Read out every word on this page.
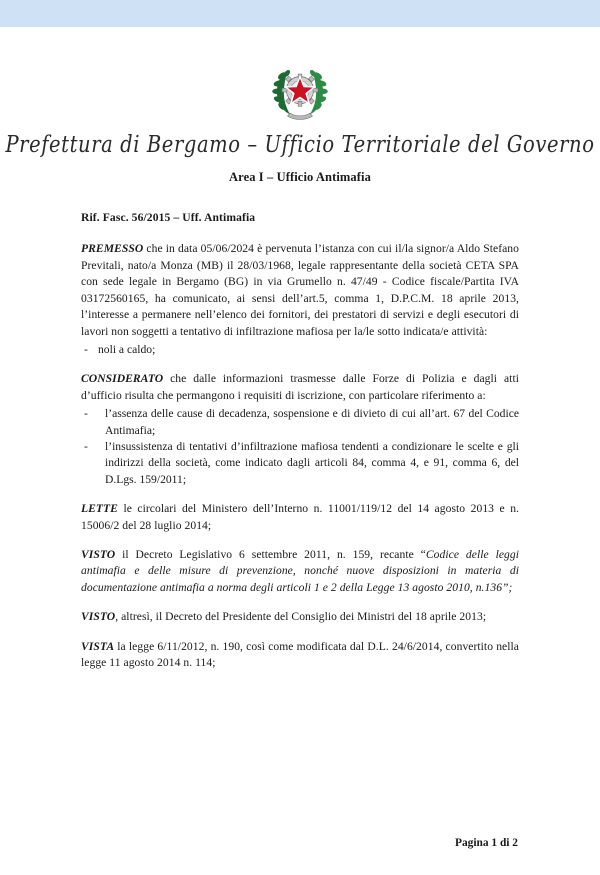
Prefettura di Bergamo – Ufficio Territoriale del Governo
Area I – Ufficio Antimafia
Rif. Fasc. 56/2015 – Uff. Antimafia

PREMESSO che in data 05/06/2024 è pervenuta l’istanza con cui il/la signor/a Aldo Stefano Previtali, nato/a Monza (MB) il 28/03/1968, legale rappresentante della società CETA SPA con sede legale in Bergamo (BG) in via Grumello n. 47/49 - Codice fiscale/Partita IVA 03172560165, ha comunicato, ai sensi dell’art.5, comma 1, D.P.C.M. 18 aprile 2013, l’interesse a permanere nell’elenco dei fornitori, dei prestatori di servizi e degli esecutori di lavori non soggetti a tentativo di infiltrazione mafiosa per la/le sotto indicata/e attività:

- noli a caldo;

CONSIDERATO che dalle informazioni trasmesse dalle Forze di Polizia e dagli atti d’ufficio risulta che permangono i requisiti di iscrizione, con particolare riferimento a:

- l’assenza delle cause di decadenza, sospensione e di divieto di cui all’art. 67 del Codice Antimafia;
- l’insussistenza di tentativi d’infiltrazione mafiosa tendenti a condizionare le scelte e gli indirizzi della società, come indicato dagli articoli 84, comma 4, e 91, comma 6, del D.Lgs. 159/2011;

LETTE le circolari del Ministero dell’Interno n. 11001/119/12 del 14 agosto 2013 e n. 15006/2 del 28 luglio 2014;

VISTO il Decreto Legislativo 6 settembre 2011, n. 159, recante “Codice delle leggi antimafia e delle misure di prevenzione, nonché nuove disposizioni in materia di documentazione antimafia a norma degli articoli 1 e 2 della Legge 13 agosto 2010, n.136”;

VISTO, altresì, il Decreto del Presidente del Consiglio dei Ministri del 18 aprile 2013;

VISTA la legge 6/11/2012, n. 190, così come modificata dal D.L. 24/6/2014, convertito nella legge 11 agosto 2014 n. 114;

Pagina 1 di 2
